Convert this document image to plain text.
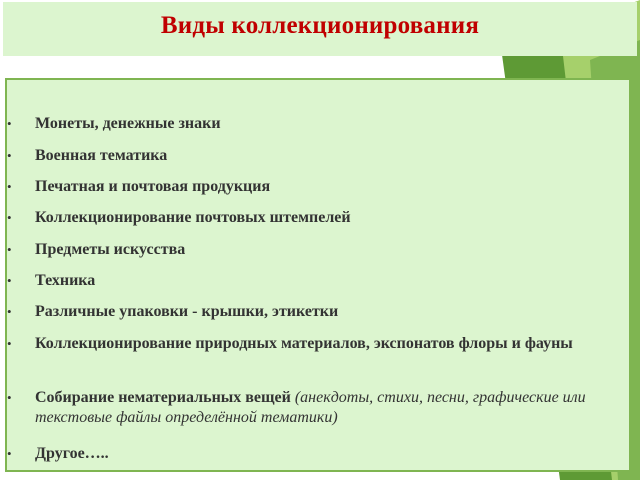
Виды коллекционирования
• Монеты, денежные знаки
• Военная тематика
• Печатная и почтовая продукция
• Коллекционирование почтовых штемпелей
• Предметы искусства
• Техника
• Различные упаковки - крышки, этикетки
• Коллекционирование природных материалов, экспонатов флоры и фауны
• Собирание нематериальных вещей (анекдоты, стихи, песни, графические или текстовые файлы определённой тематики)
• Другое…..
